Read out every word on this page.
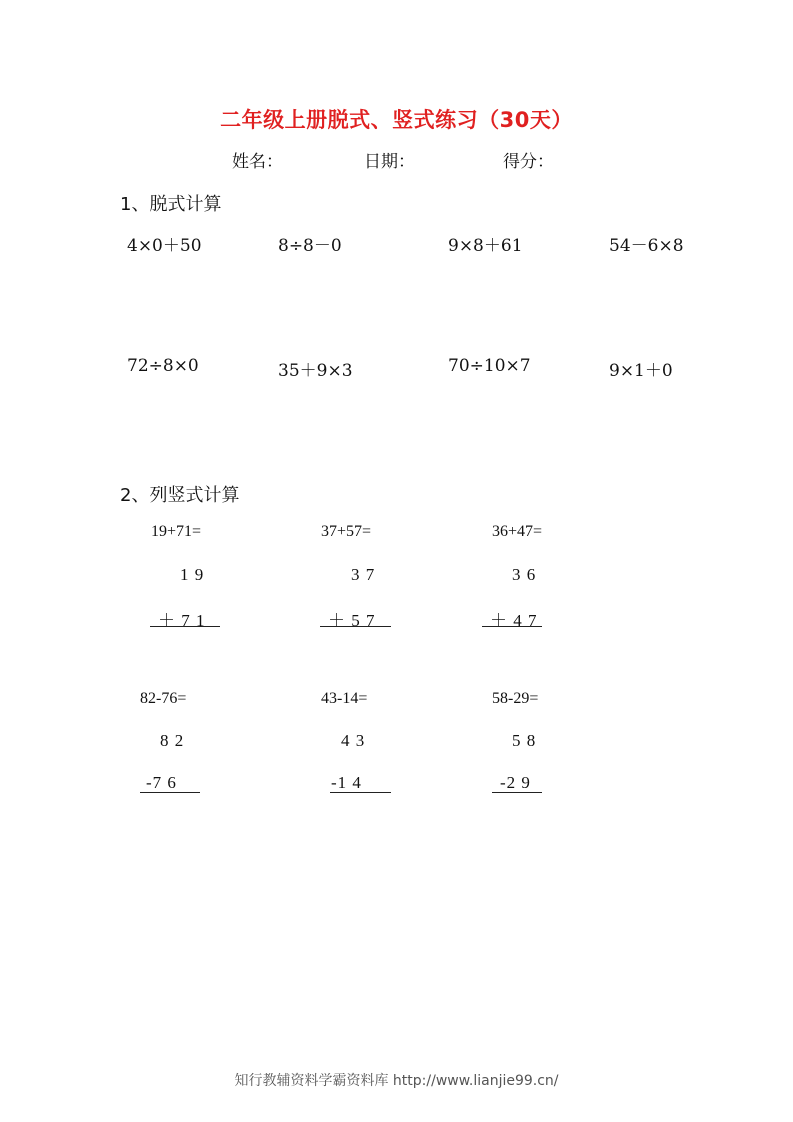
二年级上册脱式、竖式练习（30天）
姓名：	日期：	得分：
1、脱式计算
4×0＋50	8÷8－0	9×8＋61	54－6×8
72÷8×0	35＋9×3	70÷10×7	9×1＋0
2、列竖式计算
19+71=
1 9
＋ 7 1
37+57=
3 7
＋ 5 7
36+47=
3 6
＋ 4 7
82-76=
8 2
-7 6
43-14=
4 3
-1 4
58-29=
5 8
-2 9
知行教辅资料学霸资料库 http://www.lianjie99.cn/
